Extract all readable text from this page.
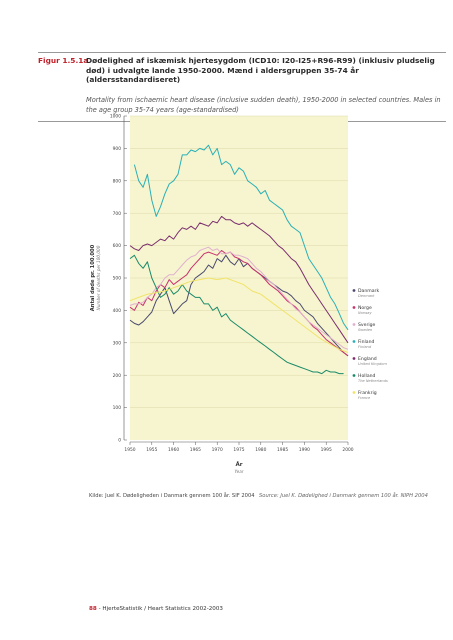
Figur 1.5.1a
Dødelighed af iskæmisk hjertesygdom (ICD10: I20-I25+R96-R99) (inklusiv pludselig død) i udvalgte lande 1950-2000. Mænd i aldersgruppen 35-74 år (aldersstandardiseret)
Mortality from ischaemic heart disease (inclusive sudden death), 1950-2000 in selected countries. Males in the age group 35-74 years (age-standardised)
0
100
200
300
400
500
600
700
800
900
1000
1950 1955 1960 1965 1970 1975 1980 1985 1990 1995 2000
Danmark
Denmark
Norge
Norway
Sverige
Sweden
Finland
Finland
England
United Kingdom
Holland
The Netherlands
Frankrig
France
Antal døde pr. 100.000 Number of deaths per 100,000
År
Year
Kilde: Juel K. Dødeligheden i Danmark gennem 100 år. SIF 2004 Source: Juel K. Dødelighed i Danmark gennem 100 år. NIPH 2004
88 - HjerteStatistik / Heart Statistics 2002-2003
